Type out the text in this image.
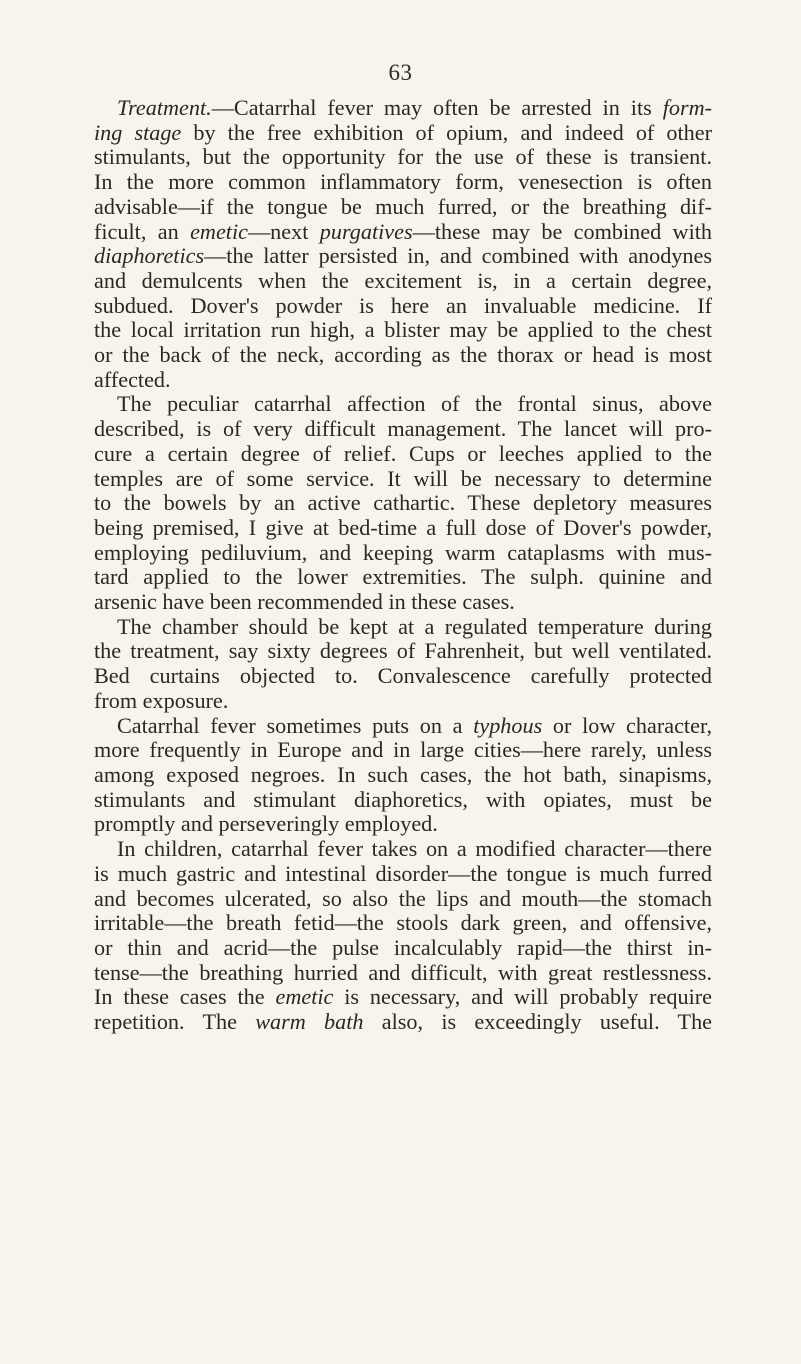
63
Treatment.—Catarrhal fever may often be arrested in its form-
ing stage by the free exhibition of opium, and indeed of other
stimulants, but the opportunity for the use of these is transient.
In the more common inflammatory form, venesection is often
advisable—if the tongue be much furred, or the breathing dif-
ficult, an emetic—next purgatives—these may be combined with
diaphoretics—the latter persisted in, and combined with anodynes
and demulcents when the excitement is, in a certain degree,
subdued. Dover's powder is here an invaluable medicine. If
the local irritation run high, a blister may be applied to the chest
or the back of the neck, according as the thorax or head is most
affected.
The peculiar catarrhal affection of the frontal sinus, above
described, is of very difficult management. The lancet will pro-
cure a certain degree of relief. Cups or leeches applied to the
temples are of some service. It will be necessary to determine
to the bowels by an active cathartic. These depletory measures
being premised, I give at bed-time a full dose of Dover's powder,
employing pediluvium, and keeping warm cataplasms with mus-
tard applied to the lower extremities. The sulph. quinine and
arsenic have been recommended in these cases.
The chamber should be kept at a regulated temperature during
the treatment, say sixty degrees of Fahrenheit, but well ventilated.
Bed curtains objected to. Convalescence carefully protected
from exposure.
Catarrhal fever sometimes puts on a typhous or low character,
more frequently in Europe and in large cities—here rarely, unless
among exposed negroes. In such cases, the hot bath, sinapisms,
stimulants and stimulant diaphoretics, with opiates, must be
promptly and perseveringly employed.
In children, catarrhal fever takes on a modified character—there
is much gastric and intestinal disorder—the tongue is much furred
and becomes ulcerated, so also the lips and mouth—the stomach
irritable—the breath fetid—the stools dark green, and offensive,
or thin and acrid—the pulse incalculably rapid—the thirst in-
tense—the breathing hurried and difficult, with great restlessness.
In these cases the emetic is necessary, and will probably require
repetition. The warm bath also, is exceedingly useful. The
